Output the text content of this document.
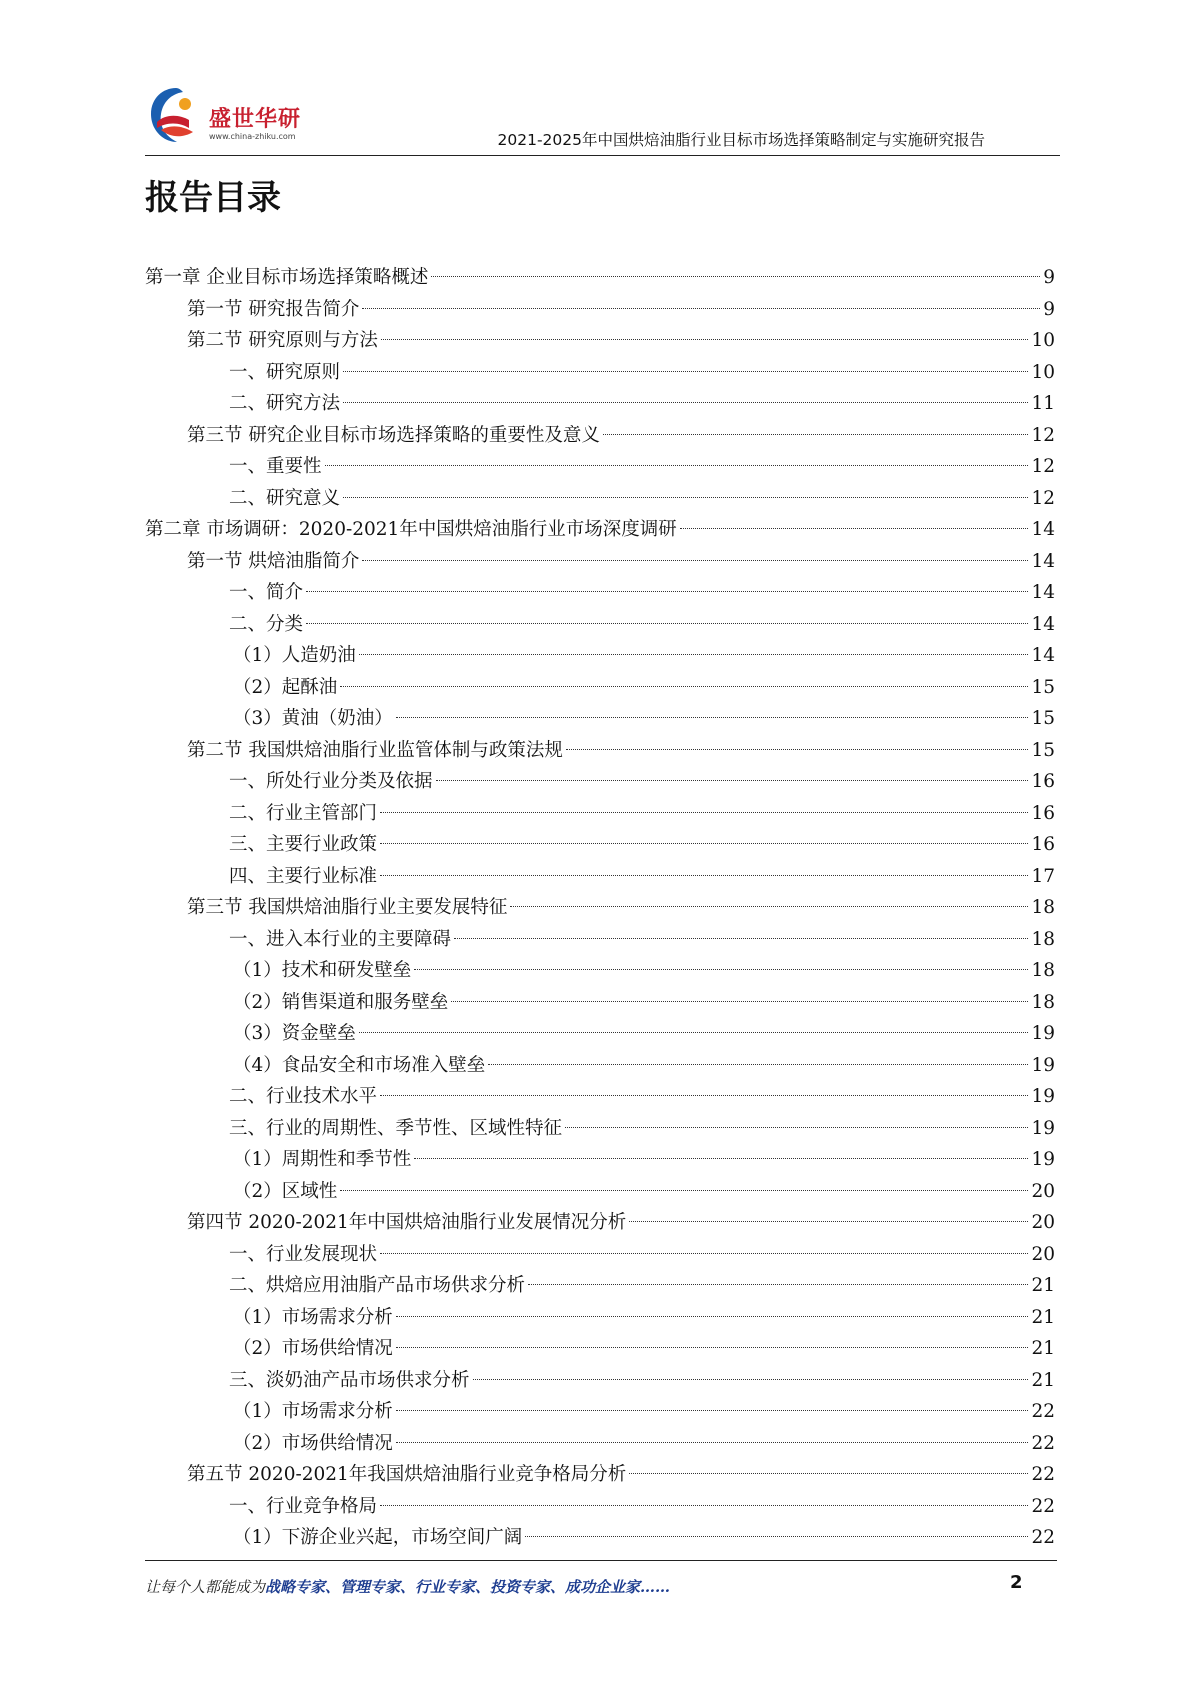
盛世华研
www.china-zhiku.com	2021-2025年中国烘焙油脂行业目标市场选择策略制定与实施研究报告
报告目录
第一章 企业目标市场选择策略概述	9
第一节 研究报告简介	9
第二节 研究原则与方法	10
一、研究原则	10
二、研究方法	11
第三节 研究企业目标市场选择策略的重要性及意义	12
一、重要性	12
二、研究意义	12
第二章 市场调研：2020-2021年中国烘焙油脂行业市场深度调研	14
第一节 烘焙油脂简介	14
一、简介	14
二、分类	14
（1）人造奶油	14
（2）起酥油	15
（3）黄油（奶油）	15
第二节 我国烘焙油脂行业监管体制与政策法规	15
一、所处行业分类及依据	16
二、行业主管部门	16
三、主要行业政策	16
四、主要行业标准	17
第三节 我国烘焙油脂行业主要发展特征	18
一、进入本行业的主要障碍	18
（1）技术和研发壁垒	18
（2）销售渠道和服务壁垒	18
（3）资金壁垒	19
（4）食品安全和市场准入壁垒	19
二、行业技术水平	19
三、行业的周期性、季节性、区域性特征	19
（1）周期性和季节性	19
（2）区域性	20
第四节 2020-2021年中国烘焙油脂行业发展情况分析	20
一、行业发展现状	20
二、烘焙应用油脂产品市场供求分析	21
（1）市场需求分析	21
（2）市场供给情况	21
三、淡奶油产品市场供求分析	21
（1）市场需求分析	22
（2）市场供给情况	22
第五节 2020-2021年我国烘焙油脂行业竞争格局分析	22
一、行业竞争格局	22
（1）下游企业兴起，市场空间广阔	22
让每个人都能成为战略专家、管理专家、行业专家、投资专家、成功企业家……	2
